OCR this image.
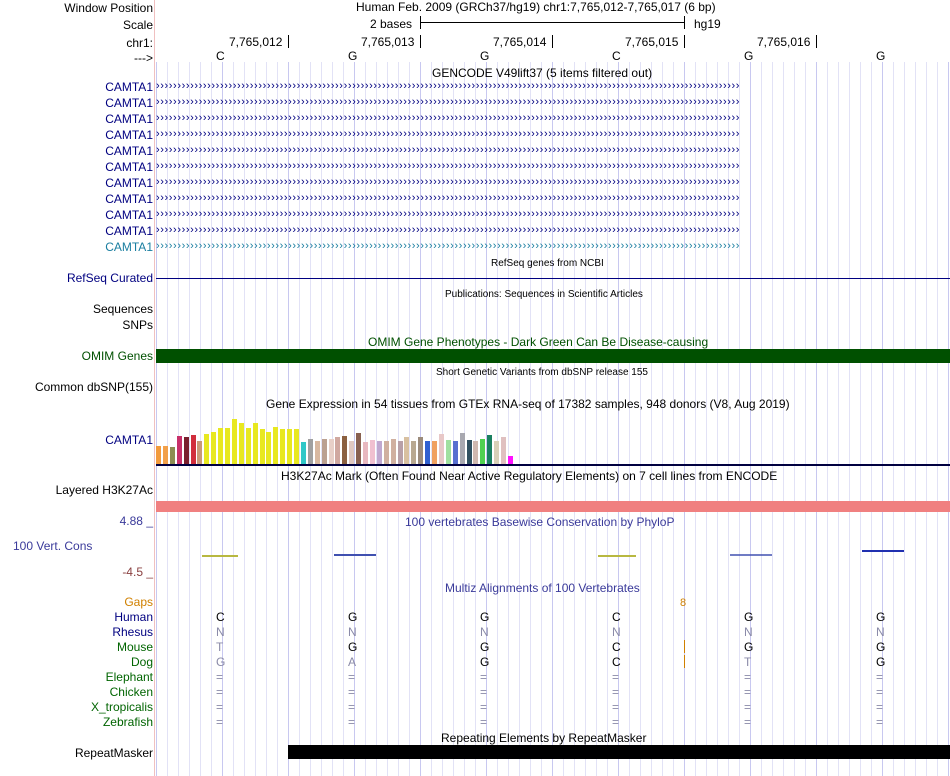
Window Position
Scale
chr1:
--->
Human Feb. 2009 (GRCh37/hg19) chr1:7,765,012-7,765,017 (6 bp)
2 bases	hg19
7,765,012	7,765,013	7,765,014	7,765,015	7,765,016
C	G	G	C	G	G
GENCODE V49lift37 (5 items filtered out)
CAMTA1 ›››››››››››››››››››››››››››››››››››››››››››››››››››››››››››››››››››››››››››››››››››››››››››››››››››››››››››››››››››››››››››››››››››››››››
CAMTA1 ›››››››››››››››››››››››››››››››››››››››››››››››››››››››››››››››››››››››››››››››››››››››››››››››››››››››››››››››››››››››››››››››››››››››››
CAMTA1 ›››››››››››››››››››››››››››››››››››››››››››››››››››››››››››››››››››››››››››››››››››››››››››››››››››››››››››››››››››››››››››››››››››››››››
CAMTA1 ›››››››››››››››››››››››››››››››››››››››››››››››››››››››››››››››››››››››››››››››››››››››››››››››››››››››››››››››››››››››››››››››››››››››››
CAMTA1 ›››››››››››››››››››››››››››››››››››››››››››››››››››››››››››››››››››››››››››››››››››››››››››››››››››››››››››››››››››››››››››››››››››››››››
CAMTA1 ›››››››››››››››››››››››››››››››››››››››››››››››››››››››››››››››››››››››››››››››››››››››››››››››››››››››››››››››››››››››››››››››››››››››››
CAMTA1 ›››››››››››››››››››››››››››››››››››››››››››››››››››››››››››››››››››››››››››››››››››››››››››››››››››››››››››››››››››››››››››››››››››››››››
CAMTA1 ›››››››››››››››››››››››››››››››››››››››››››››››››››››››››››››››››››››››››››››››››››››››››››››››››››››››››››››››››››››››››››››››››››››››››
CAMTA1 ›››››››››››››››››››››››››››››››››››››››››››››››››››››››››››››››››››››››››››››››››››››››››››››››››››››››››››››››››››››››››››››››››››››››››
CAMTA1 ›››››››››››››››››››››››››››››››››››››››››››››››››››››››››››››››››››››››››››››››››››››››››››››››››››››››››››››››››››››››››››››››››››››››››
CAMTA1 ›››››››››››››››››››››››››››››››››››››››››››››››››››››››››››››››››››››››››››››››››››››››››››››››››››››››››››››››››››››››››››››››››››››››››
RefSeq genes from NCBI
RefSeq Curated
Publications: Sequences in Scientific Articles
Sequences
SNPs
OMIM Gene Phenotypes - Dark Green Can Be Disease-causing
OMIM Genes
Short Genetic Variants from dbSNP release 155
Common dbSNP(155)
Gene Expression in 54 tissues from GTEx RNA-seq of 17382 samples, 948 donors (V8, Aug 2019)
CAMTA1
H3K27Ac Mark (Often Found Near Active Regulatory Elements) on 7 cell lines from ENCODE
Layered H3K27Ac
4.88 _	100 vertebrates Basewise Conservation by PhyloP
100 Vert. Cons
-4.5 _
Multiz Alignments of 100 Vertebrates
Gaps	8
Human	C	G	G	C	G	G
Rhesus	N	N	N	N	N	N
Mouse	T	G	G	C	G	G
Dog	G	A	G	C	T	G
Elephant	=	=	=	=	=	=
Chicken	=	=	=	=	=	=
X_tropicalis	=	=	=	=	=	=
Zebrafish	=	=	=	=	=	=
Repeating Elements by RepeatMasker
RepeatMasker
